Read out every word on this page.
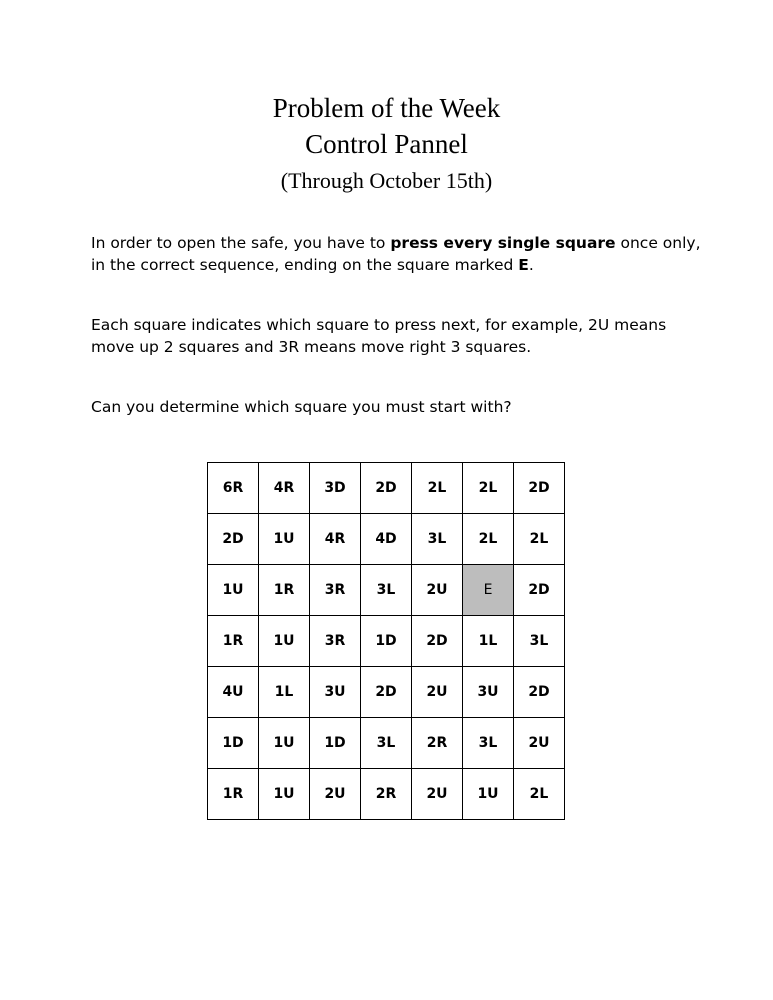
Problem of the Week
Control Pannel
(Through October 15th)

In order to open the safe, you have to press every single square once only, in the correct sequence, ending on the square marked E.

Each square indicates which square to press next, for example, 2U means move up 2 squares and 3R means move right 3 squares.

Can you determine which square you must start with?

6R	4R	3D	2D	2L	2L	2D
2D	1U	4R	4D	3L	2L	2L
1U	1R	3R	3L	2U	E	2D
1R	1U	3R	1D	2D	1L	3L
4U	1L	3U	2D	2U	3U	2D
1D	1U	1D	3L	2R	3L	2U
1R	1U	2U	2R	2U	1U	2L
